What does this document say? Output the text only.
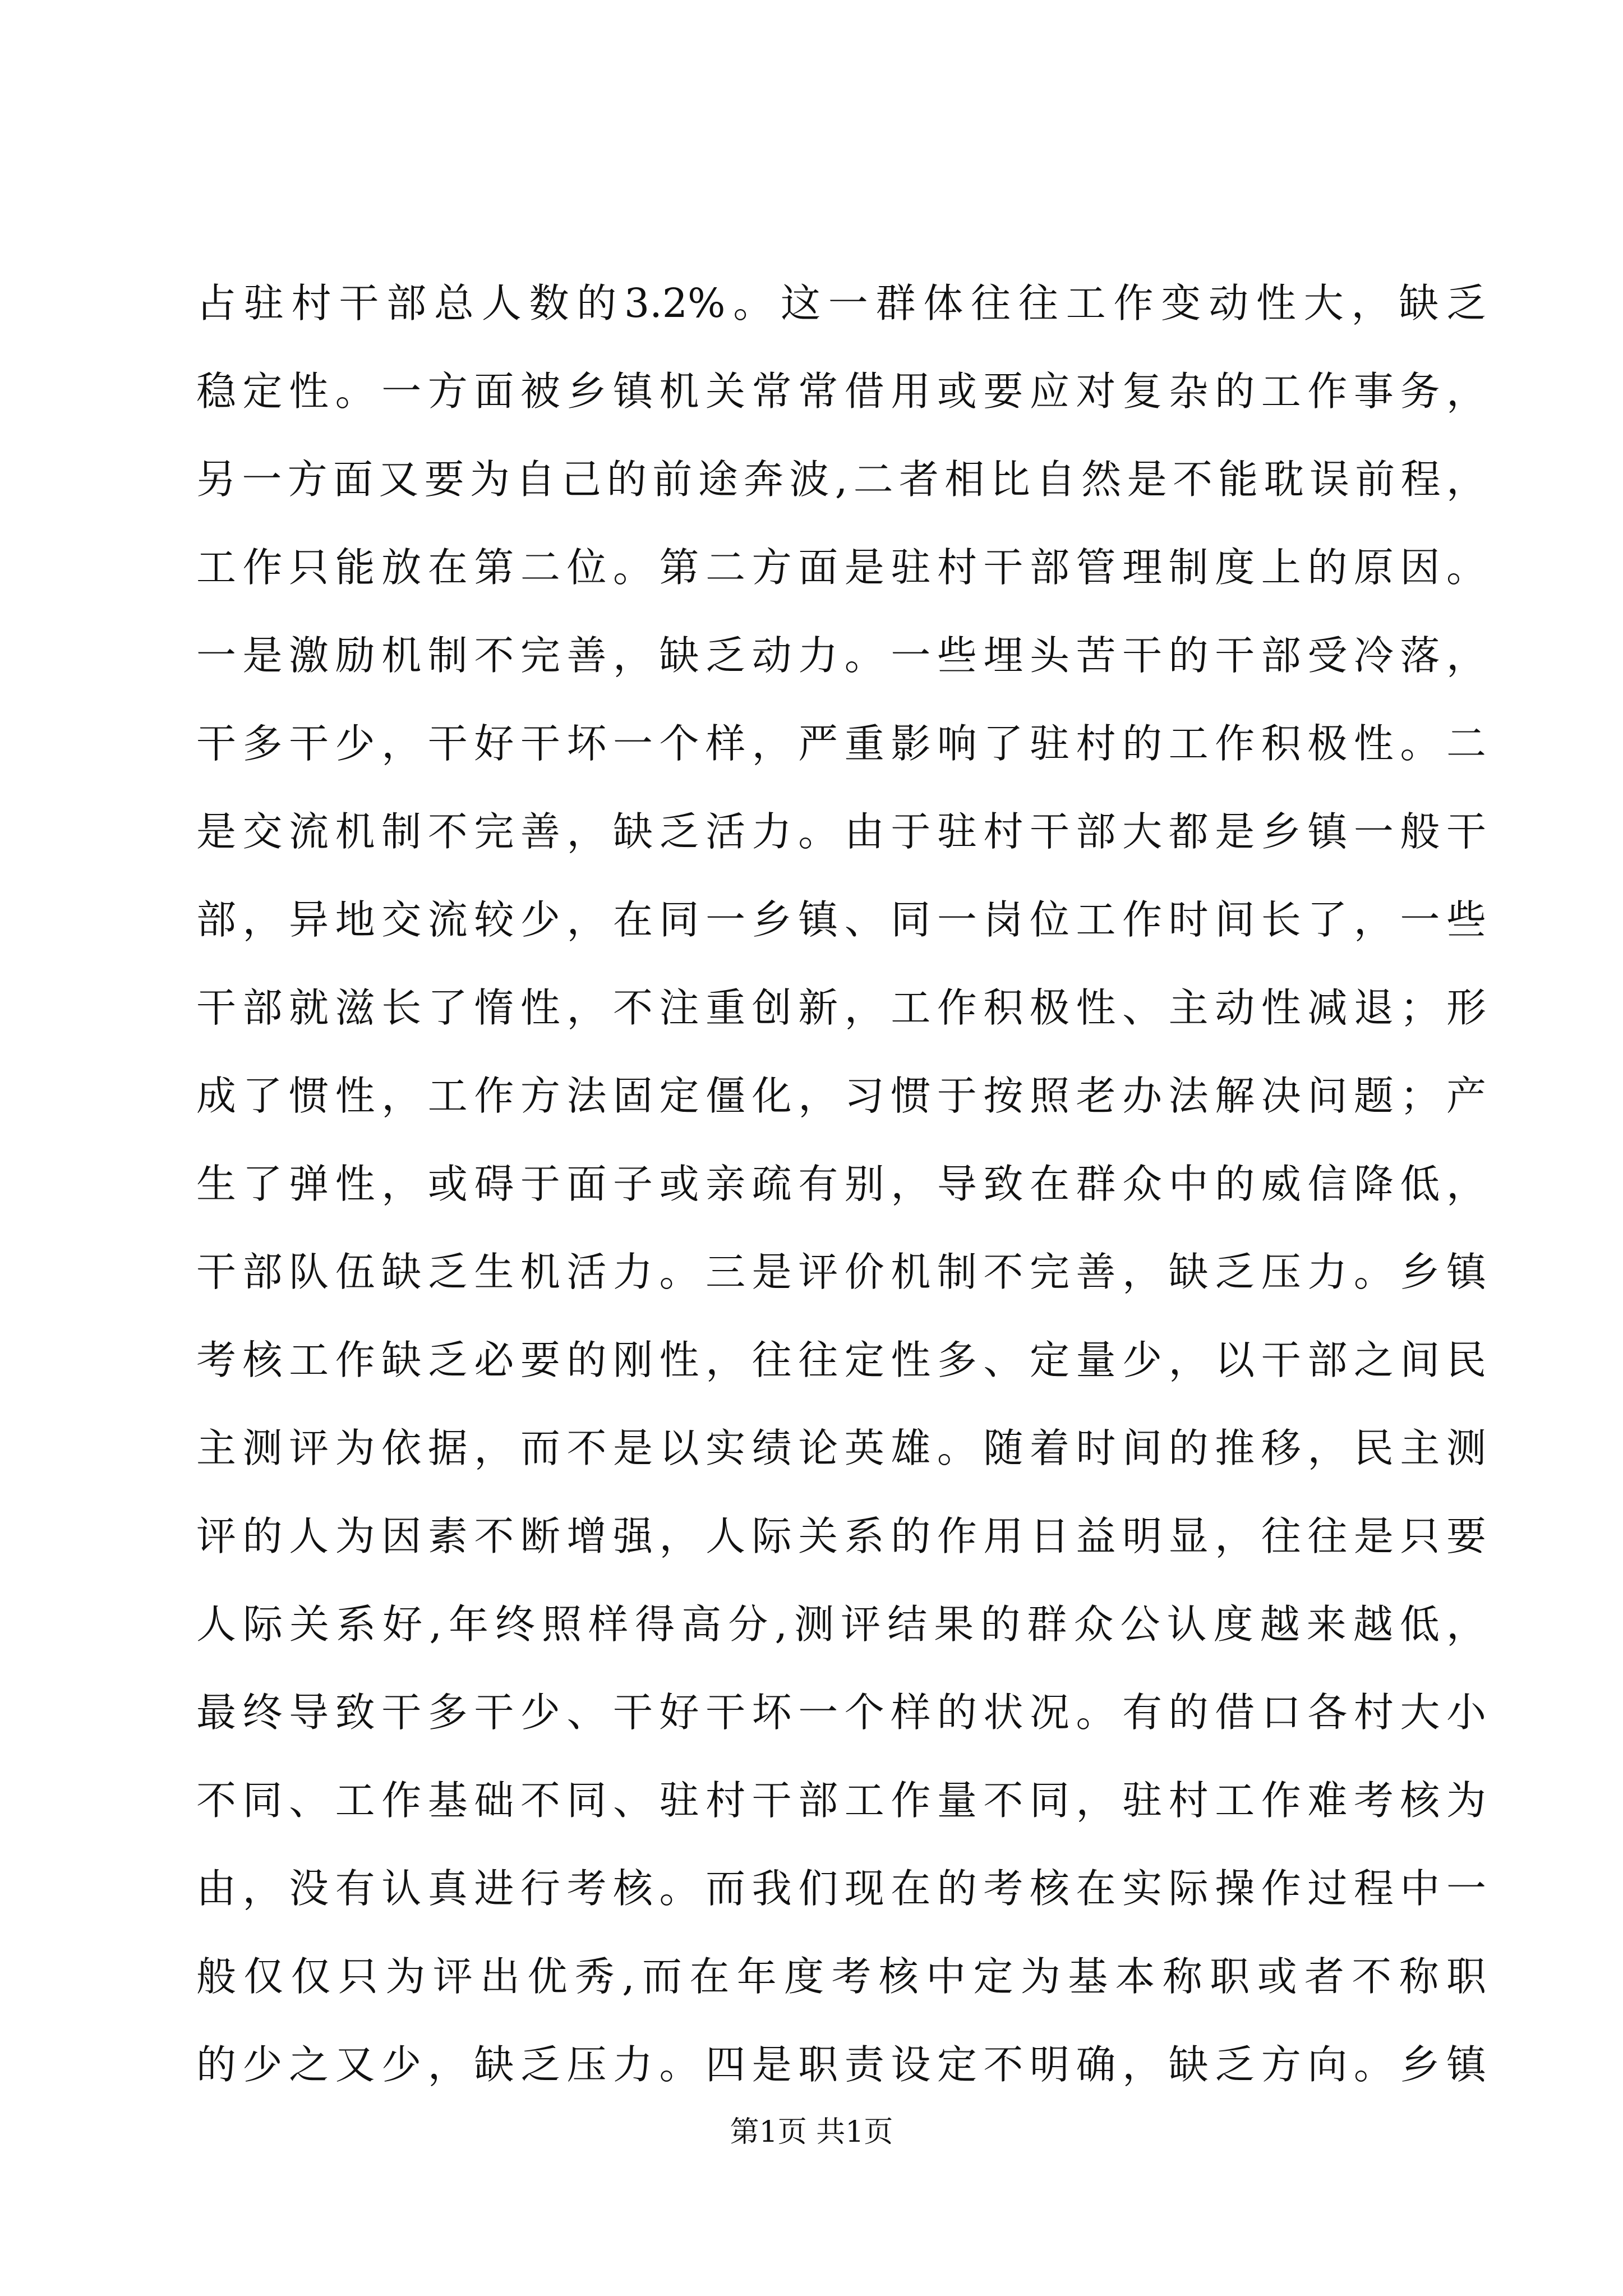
占驻村干部总人数的3.2%。这一群体往往工作变动性大，缺乏
稳定性。一方面被乡镇机关常常借用或要应对复杂的工作事务，
另一方面又要为自己的前途奔波,二者相比自然是不能耽误前程，
工作只能放在第二位。第二方面是驻村干部管理制度上的原因。
一是激励机制不完善，缺乏动力。一些埋头苦干的干部受冷落，
干多干少，干好干坏一个样，严重影响了驻村的工作积极性。二
是交流机制不完善，缺乏活力。由于驻村干部大都是乡镇一般干
部，异地交流较少，在同一乡镇、同一岗位工作时间长了，一些
干部就滋长了惰性，不注重创新，工作积极性、主动性减退；形
成了惯性，工作方法固定僵化，习惯于按照老办法解决问题；产
生了弹性，或碍于面子或亲疏有别，导致在群众中的威信降低，
干部队伍缺乏生机活力。三是评价机制不完善，缺乏压力。乡镇
考核工作缺乏必要的刚性，往往定性多、定量少，以干部之间民
主测评为依据，而不是以实绩论英雄。随着时间的推移，民主测
评的人为因素不断增强，人际关系的作用日益明显，往往是只要
人际关系好,年终照样得高分,测评结果的群众公认度越来越低，
最终导致干多干少、干好干坏一个样的状况。有的借口各村大小
不同、工作基础不同、驻村干部工作量不同，驻村工作难考核为
由，没有认真进行考核。而我们现在的考核在实际操作过程中一
般仅仅只为评出优秀,而在年度考核中定为基本称职或者不称职
的少之又少，缺乏压力。四是职责设定不明确，缺乏方向。乡镇
第1页 共1页
